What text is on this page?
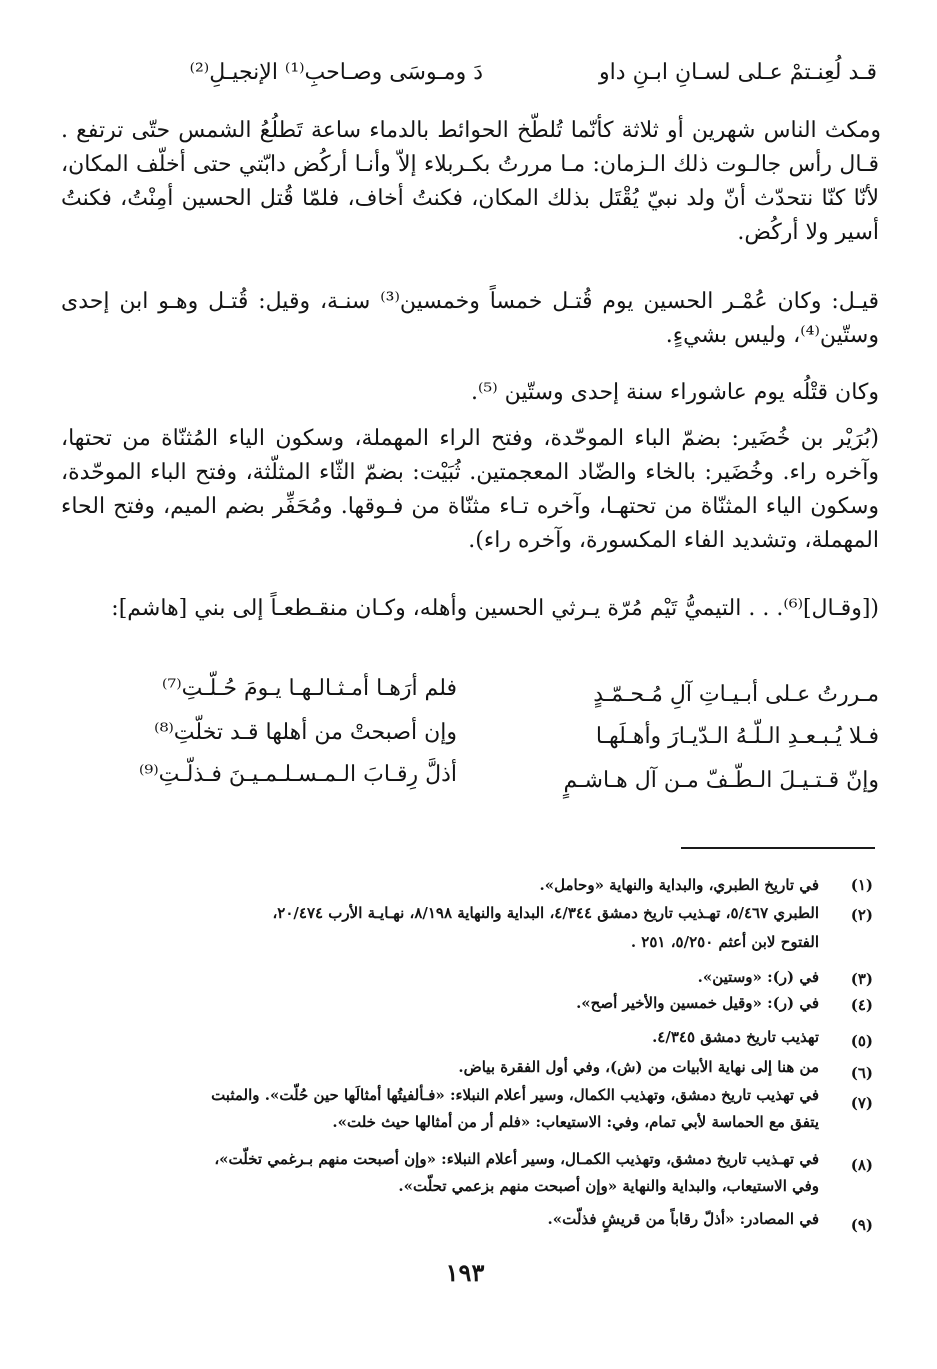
قـد لُعِنـتمْ عـلى لسـانِ ابـنِ داو
دَ ومـوسَى وصـاحبِ⁽¹⁾ الإنجيـلِ⁽²⁾
ومكث الناس شهرين أو ثلاثة كأنّما تُلطّخ الحوائط بالدماء ساعة تَطلُعُ الشمس حتّى ترتفع . قـال رأس جالـوت ذلك الـزمان: مـا مررتُ بكـربلاء إلاّ وأنـا أركُض دابّتي حتى أخلّف المكان، لأنّا كنّا نتحدّث أنّ ولد نبيّ يُقْتَل بذلك المكان، فكنتُ أخاف، فلمّا قُتل الحسين أمِنْتُ، فكنتُ أسير ولا أركُض.
قيـل: وكان عُمْـر الحسين يوم قُتـل خمساً وخمسين⁽³⁾ سنـة، وقيل: قُتـل وهـو ابن إحدى وستّين⁽⁴⁾، وليس بشيءٍ.
وكان قتْلُه يوم عاشوراء سنة إحدى وستّين ⁽⁵⁾.
(بُرَيْر بن خُضَير: بضمّ الباء الموحّدة، وفتح الراء المهملة، وسكون الياء المُثنّاة من تحتها، وآخره راء. وخُضَير: بالخاء والضّاد المعجمتين. ثُبَيْت: بضمّ الثّاء المثلّثة، وفتح الباء الموحّدة، وسكون الياء المثنّاة من تحتهـا، وآخره تـاء مثنّاة من فـوقها. ومُحَفِّر بضم الميم، وفتح الحاء المهملة، وتشديد الفاء المكسورة، وآخره راء).
([وقـال]⁽⁶⁾. . . التيميُّ تَيْم مُرّة يـرثي الحسين وأهله، وكـان منقـطعـاً إلى بني [هاشم]:
مـررتُ عـلى أبـيـاتِ آلِ مُـحـمّـدٍ
فلم أرَهـا أمـثـالـهـا يـومَ حُـلّـتِ⁽⁷⁾
فـلا يُـبـعـدِ الـلّـهُ الـدّيـارَ وأهـلَهـا
وإن أصبحتْ من أهلها قـد تخلّتِ⁽⁸⁾
وإنّ قـتـيـلَ الـطّـفّ مـن آل هـاشـمٍ
أذلَّ رِقـابَ الـمـسـلـمـيـنَ فـذلّـتِ⁽⁹⁾
(١)
في تاريخ الطبري، والبداية والنهاية «وحامل».
(٢)
الطبري ٥/٤٦٧، تهـذيب تاريخ دمشق ٤/٣٤٤، البداية والنهاية ٨/١٩٨، نهـايـة الأرب ٢٠/٤٧٤،
الفتوح لابن أعثم ٥/٢٥٠، ٢٥١ .
(٣)
في (ر): «وستين».
(٤)
في (ر): «وقيل خمسين والأخير أصح».
(٥)
تهذيب تاريخ دمشق ٤/٣٤٥.
(٦)
من هنا إلى نهاية الأبيات من (ش)، وفي أول الفقرة بياض.
(٧)
في تهذيب تاريخ دمشق، وتهذيب الكمال، وسير أعلام النبلاء: «فـألفيتُها أمثالَها حين حُلّت». والمثبت
يتفق مع الحماسة لأبي تمام، وفي: الاستيعاب: «فلم أر من أمثالها حيث خلت».
(٨)
في تهـذيب تاريخ دمشق، وتهذيب الكمـال، وسير أعلام النبلاء: «وإن أصبحت منهم بـرغمي تخلّت»،
وفي الاستيعاب، والبداية والنهاية «وإن أصبحت منهم بزعمي تحلّت».
(٩)
في المصادر: «أذلّ رقاباً من قريشٍ فذلّت».
١٩٣
